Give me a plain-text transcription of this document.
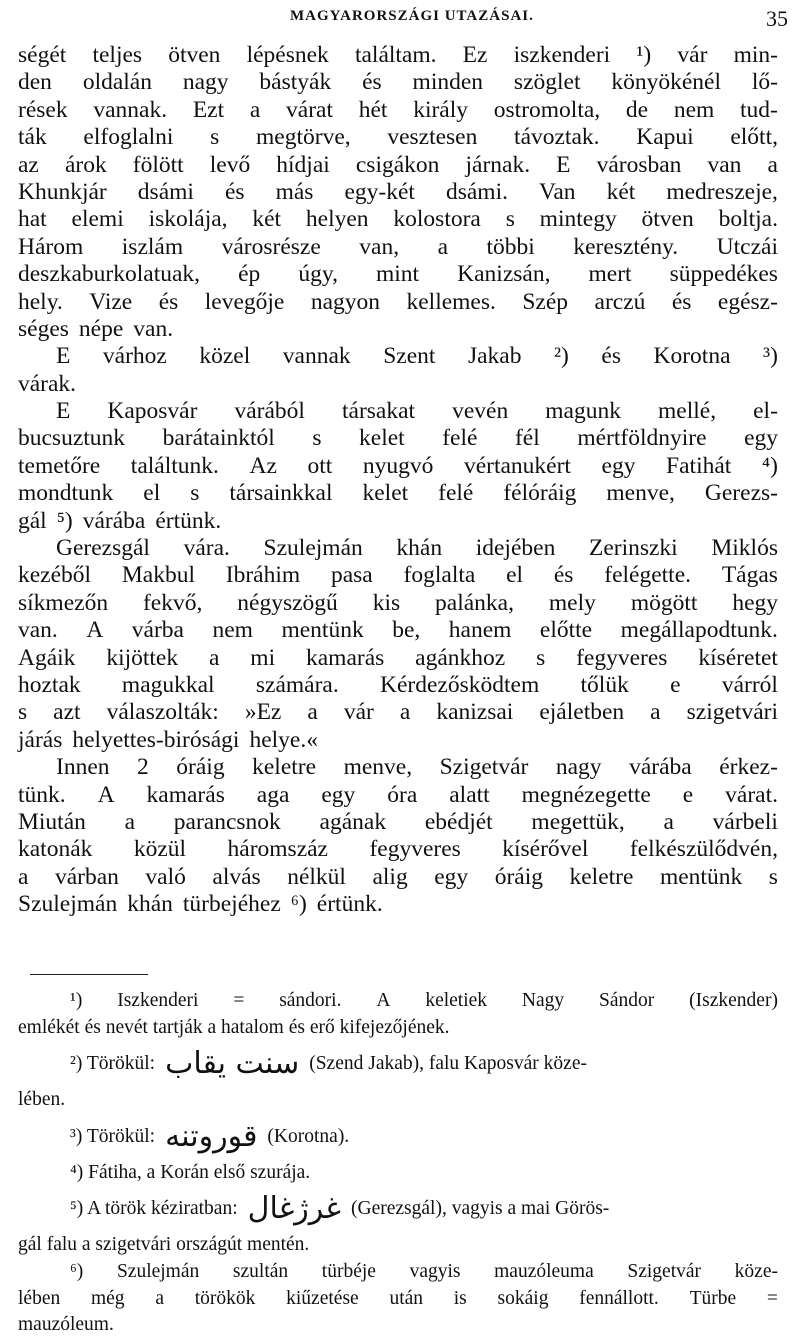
MAGYARORSZÁGI UTAZÁSAI.	35
ségét teljes ötven lépésnek találtam. Ez iszkenderi ¹) vár min-
den oldalán nagy bástyák és minden szöglet könyökénél lő-
rések vannak. Ezt a várat hét király ostromolta, de nem tud-
ták elfoglalni s megtörve, vesztesen távoztak. Kapui előtt,
az árok fölött levő hídjai csigákon járnak. E városban van a
Khunkjár dsámi és más egy-két dsámi. Van két medreszeje,
hat elemi iskolája, két helyen kolostora s mintegy ötven boltja.
Három iszlám városrésze van, a többi keresztény. Utczái
deszkaburkolatuak, ép úgy, mint Kanizsán, mert süppedékes
hely. Vize és levegője nagyon kellemes. Szép arczú és egész-
séges népe van.
E várhoz közel vannak Szent Jakab ²) és Korotna ³)
várak.
E Kaposvár várából társakat vevén magunk mellé, el-
bucsuztunk barátainktól s kelet felé fél mértföldnyire egy
temetőre találtunk. Az ott nyugvó vértanukért egy Fatihát ⁴)
mondtunk el s társainkkal kelet felé félóráig menve, Gerezs-
gál ⁵) várába értünk.
Gerezsgál vára. Szulejmán khán idejében Zerinszki Miklós
kezéből Makbul Ibráhim pasa foglalta el és felégette. Tágas
síkmezőn fekvő, négyszögű kis palánka, mely mögött hegy
van. A várba nem mentünk be, hanem előtte megállapodtunk.
Agáik kijöttek a mi kamarás agánkhoz s fegyveres kíséretet
hoztak magukkal számára. Kérdezősködtem tőlük e várról
s azt válaszolták: »Ez a vár a kanizsai ejáletben a szigetvári
járás helyettes-birósági helye.«
Innen 2 óráig keletre menve, Szigetvár nagy várába érkez-
tünk. A kamarás aga egy óra alatt megnézegette e várat.
Miután a parancsnok agának ebédjét megettük, a várbeli
katonák közül háromszáz fegyveres kísérővel felkészülődvén,
a várban való alvás nélkül alig egy óráig keletre mentünk s
Szulejmán khán türbejéhez ⁶) értünk.
¹) Iszkenderi = sándori. A keletiek Nagy Sándor (Iszkender)
emlékét és nevét tartják a hatalom és erő kifejezőjének.
²) Törökül: سنت يقاب (Szend Jakab), falu Kaposvár köze-
lében.
³) Törökül: قوروتنه (Korotna).
⁴) Fátiha, a Korán első szurája.
⁵) A török kéziratban: غرژغال (Gerezsgál), vagyis a mai Görös-
gál falu a szigetvári országút mentén.
⁶) Szulejmán szultán türbéje vagyis mauzóleuma Szigetvár köze-
lében még a törökök kiűzetése után is sokáig fennállott. Türbe =
mauzóleum.
